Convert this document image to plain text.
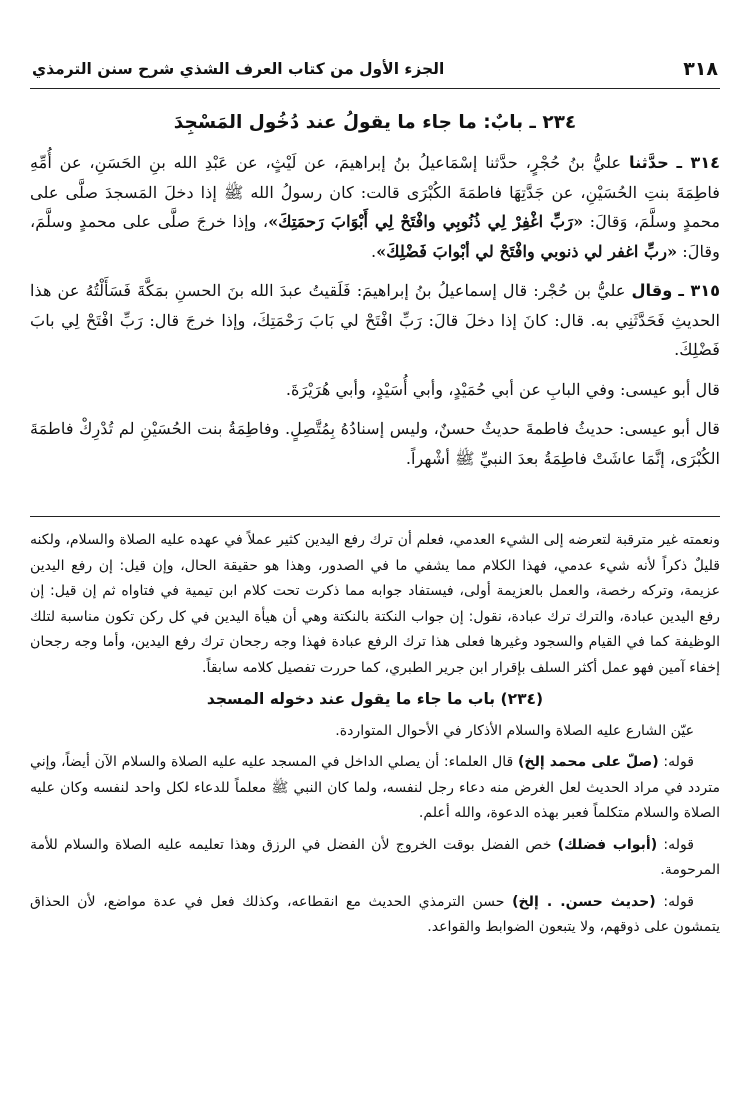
٣١٨
الجزء الأول من كتاب العرف الشذي شرح سنن الترمذي
٢٣٤ ـ بابٌ: ما جاء ما يقولُ عند دُخُول المَسْجِدَ

٣١٤ ـ حدَّثنا عليُّ بنُ حُجْرٍ، حدَّثنا إسْمَاعيلُ بنُ إبراهيمَ، عن لَيْثٍ، عن عَبْدِ الله بنِ الحَسَنِ، عن أُمِّهِ فاطِمَةَ بنتِ الحُسَيْنِ، عن جَدَّتِهَا فاطمَةَ الكُبْرَى قالت: كان رسولُ الله ﷺ إذا دخلَ المَسجدَ صلَّى على محمدٍ وسلَّمَ، وَقالَ: «رَبِّ اغْفِرْ لِي ذُنُوبِي وافْتَحْ لِي أَبْوَابَ رَحمَتِكَ»، وإذا خرجَ صلَّى على محمدٍ وسلَّمَ، وقالَ: «ربِّ اغفر لي ذنوبي وافْتَحْ لي أبْوابَ فَضْلِكَ».

٣١٥ ـ وقال عليُّ بن حُجْر: قال إسماعيلُ بنُ إبراهيمَ: فَلَقيتُ عبدَ الله بنَ الحسنِ بمَكَّةَ فَسَأَلْتُهُ عن هذا الحديثِ فَحَدَّثَنِي به. قال: كانَ إذا دخلَ قالَ: رَبِّ افْتَحْ لي بَابَ رَحْمَتِكَ، وإذا خرجَ قال: رَبِّ افْتَحْ لِي بابَ فَضْلِكَ.

قال أبو عيسى: وفي البابِ عن أبي حُمَيْدٍ، وأبي أُسَيْدٍ، وأبي هُرَيْرَةَ.

قال أبو عيسى: حديثُ فاطمةَ حديثٌ حسنٌ، وليس إسنادُهُ بِمُتَّصِلٍ. وفاطِمَةُ بنت الحُسَيْنِ لم تُدْرِكْ فاطمَةَ الكُبْرَى، إنَّمَا عاشَتْ فاطِمَةُ بعدَ النبيِّ ﷺ أشْهراً.

ونعمته غير مترقبة لتعرضه إلى الشيء العدمي، فعلم أن ترك رفع اليدين كثير عملاً في عهده عليه الصلاة والسلام، ولكنه قليلٌ ذكراً لأنه شيء عدمي، فهذا الكلام مما يشفي ما في الصدور، وهذا هو حقيقة الحال، وإن قيل: إن رفع اليدين عزيمة، وتركه رخصة، والعمل بالعزيمة أولى، فيستفاد جوابه مما ذكرت تحت كلام ابن تيمية في فتاواه ثم إن قيل: إن رفع اليدين عبادة، والترك ترك عبادة، نقول: إن جواب النكتة بالنكتة وهي أن هيأة اليدين في كل ركن تكون مناسبة لتلك الوظيفة كما في القيام والسجود وغيرها فعلى هذا ترك الرفع عبادة فهذا وجه رجحان ترك رفع اليدين، وأما وجه رجحان إخفاء آمين فهو عمل أكثر السلف بإقرار ابن جرير الطبري، كما حررت تفصيل كلامه سابقاً.

(٢٣٤) باب ما جاء ما يقول عند دخوله المسجد

عيّن الشارع عليه الصلاة والسلام الأذكار في الأحوال المتواردة.

قوله: (صلّ على محمد إلخ) قال العلماء: أن يصلي الداخل في المسجد عليه عليه الصلاة والسلام الآن أيضاً، وإني متردد في مراد الحديث لعل الغرض منه دعاء رجل لنفسه، ولما كان النبي ﷺ معلماً للدعاء لكل واحد لنفسه وكان عليه الصلاة والسلام متكلماً فعبر بهذه الدعوة، والله أعلم.

قوله: (أبواب فضلك) خص الفضل بوقت الخروج لأن الفضل في الرزق وهذا تعليمه عليه الصلاة والسلام للأمة المرحومة.

قوله: (حديث حسن. . إلخ) حسن الترمذي الحديث مع انقطاعه، وكذلك فعل في عدة مواضع، لأن الحذاق يتمشون على ذوقهم، ولا يتبعون الضوابط والقواعد.
